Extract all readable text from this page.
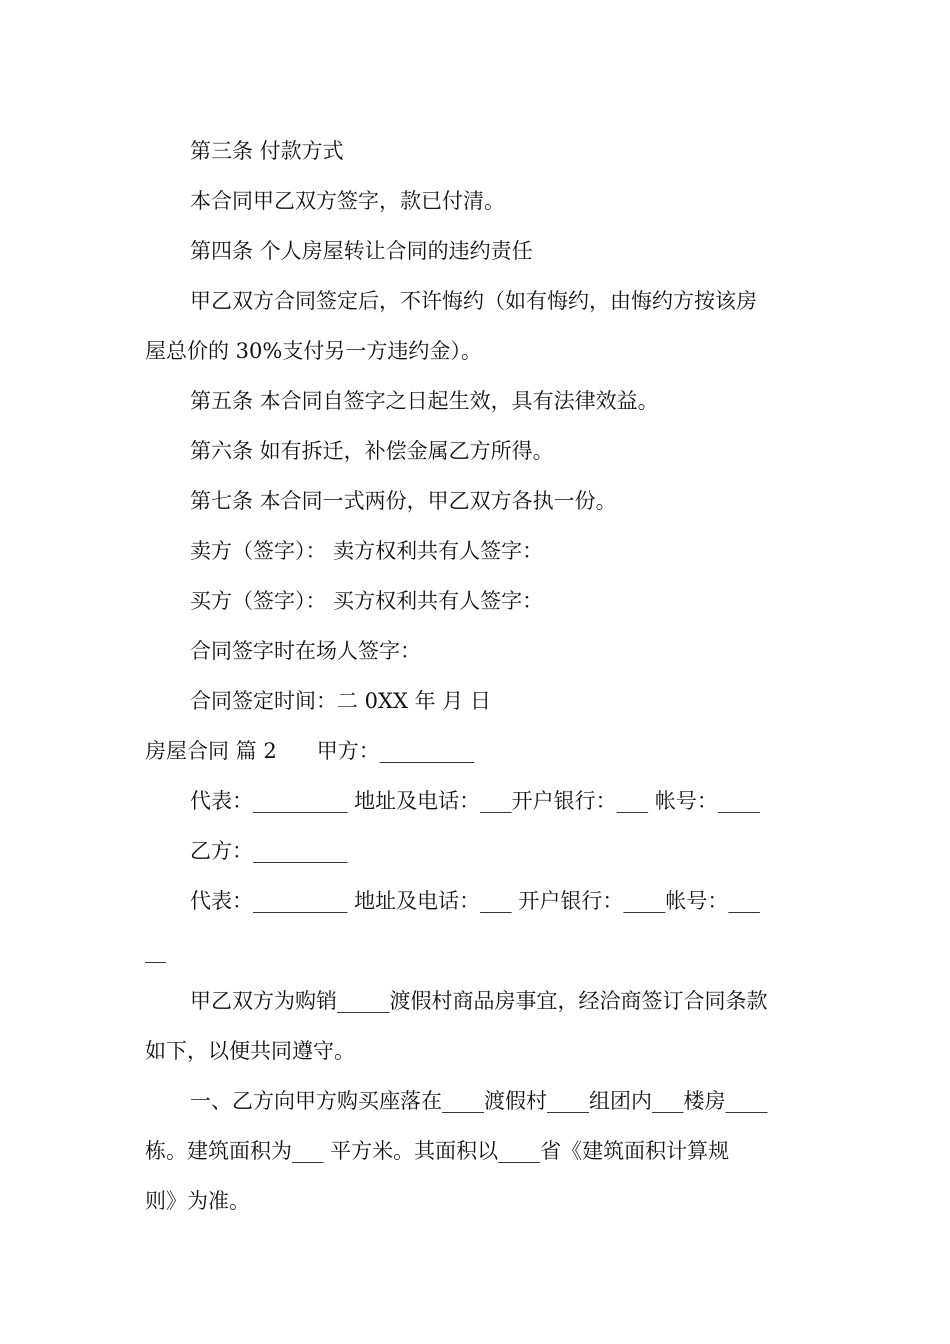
第三条 付款方式
本合同甲乙双方签字，款已付清。
第四条 个人房屋转让合同的违约责任
甲乙双方合同签定后，不许悔约（如有悔约，由悔约方按该房
屋总价的 30%支付另一方违约金）。
第五条 本合同自签字之日起生效，具有法律效益。
第六条 如有拆迁，补偿金属乙方所得。
第七条 本合同一式两份，甲乙双方各执一份。
卖方（签字）： 卖方权利共有人签字：
买方（签字）： 买方权利共有人签字：
合同签字时在场人签字：
合同签定时间：二 0XX 年 月 日
房屋合同 篇 2      甲方：_________
代表：_________ 地址及电话：___开户银行：___ 帐号：____
乙方：_________
代表：_________ 地址及电话：___ 开户银行：____帐号：___
__
甲乙双方为购销_____渡假村商品房事宜，经洽商签订合同条款
如下，以便共同遵守。
一、乙方向甲方购买座落在____渡假村____组团内___楼房____
栋。建筑面积为___ 平方米。其面积以____省《建筑面积计算规
则》为准。
